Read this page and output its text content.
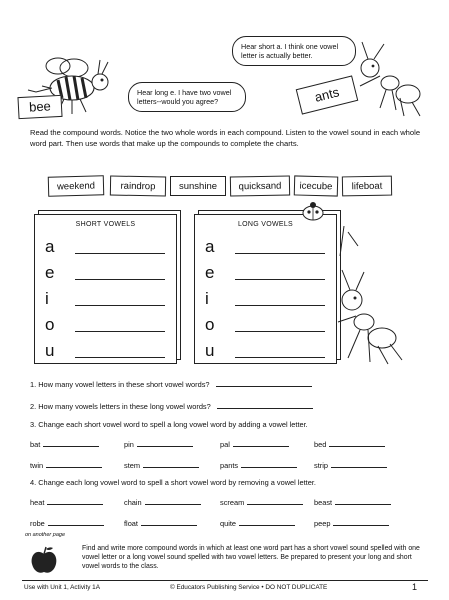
bee
Hear long e. I have two vowel letters--would you agree?
Hear short a. I think one vowel letter is actually better.
ants
Read the compound words. Notice the two whole words in each compound. Listen to the vowel sound in each whole word part. Then use words that make up the compounds to complete the charts.
weekend	raindrop	sunshine	quicksand	icecube	lifeboat
SHORT VOWELS
a
e
i
o
u
LONG VOWELS
a
e
i
o
u
1. How many vowel letters in these short vowel words?
2. How many vowels letters in these long vowel words?
3. Change each short vowel word to spell a long vowel word by adding a vowel letter.
bat	pin	pal	bed
twin	stem	pants	strip
4. Change each long vowel word to spell a short vowel word by removing a vowel letter.
heat	chain	scream	beast
robe	float	quite	peep
on another page
Find and write more compound words in which at least one word part has a short vowel sound spelled with one vowel letter or a long vowel sound spelled with two vowel letters. Be prepared to present your long and short vowel words to the class.
Use with Unit 1, Activity 1A	© Educators Publishing Service • DO NOT DUPLICATE	1
